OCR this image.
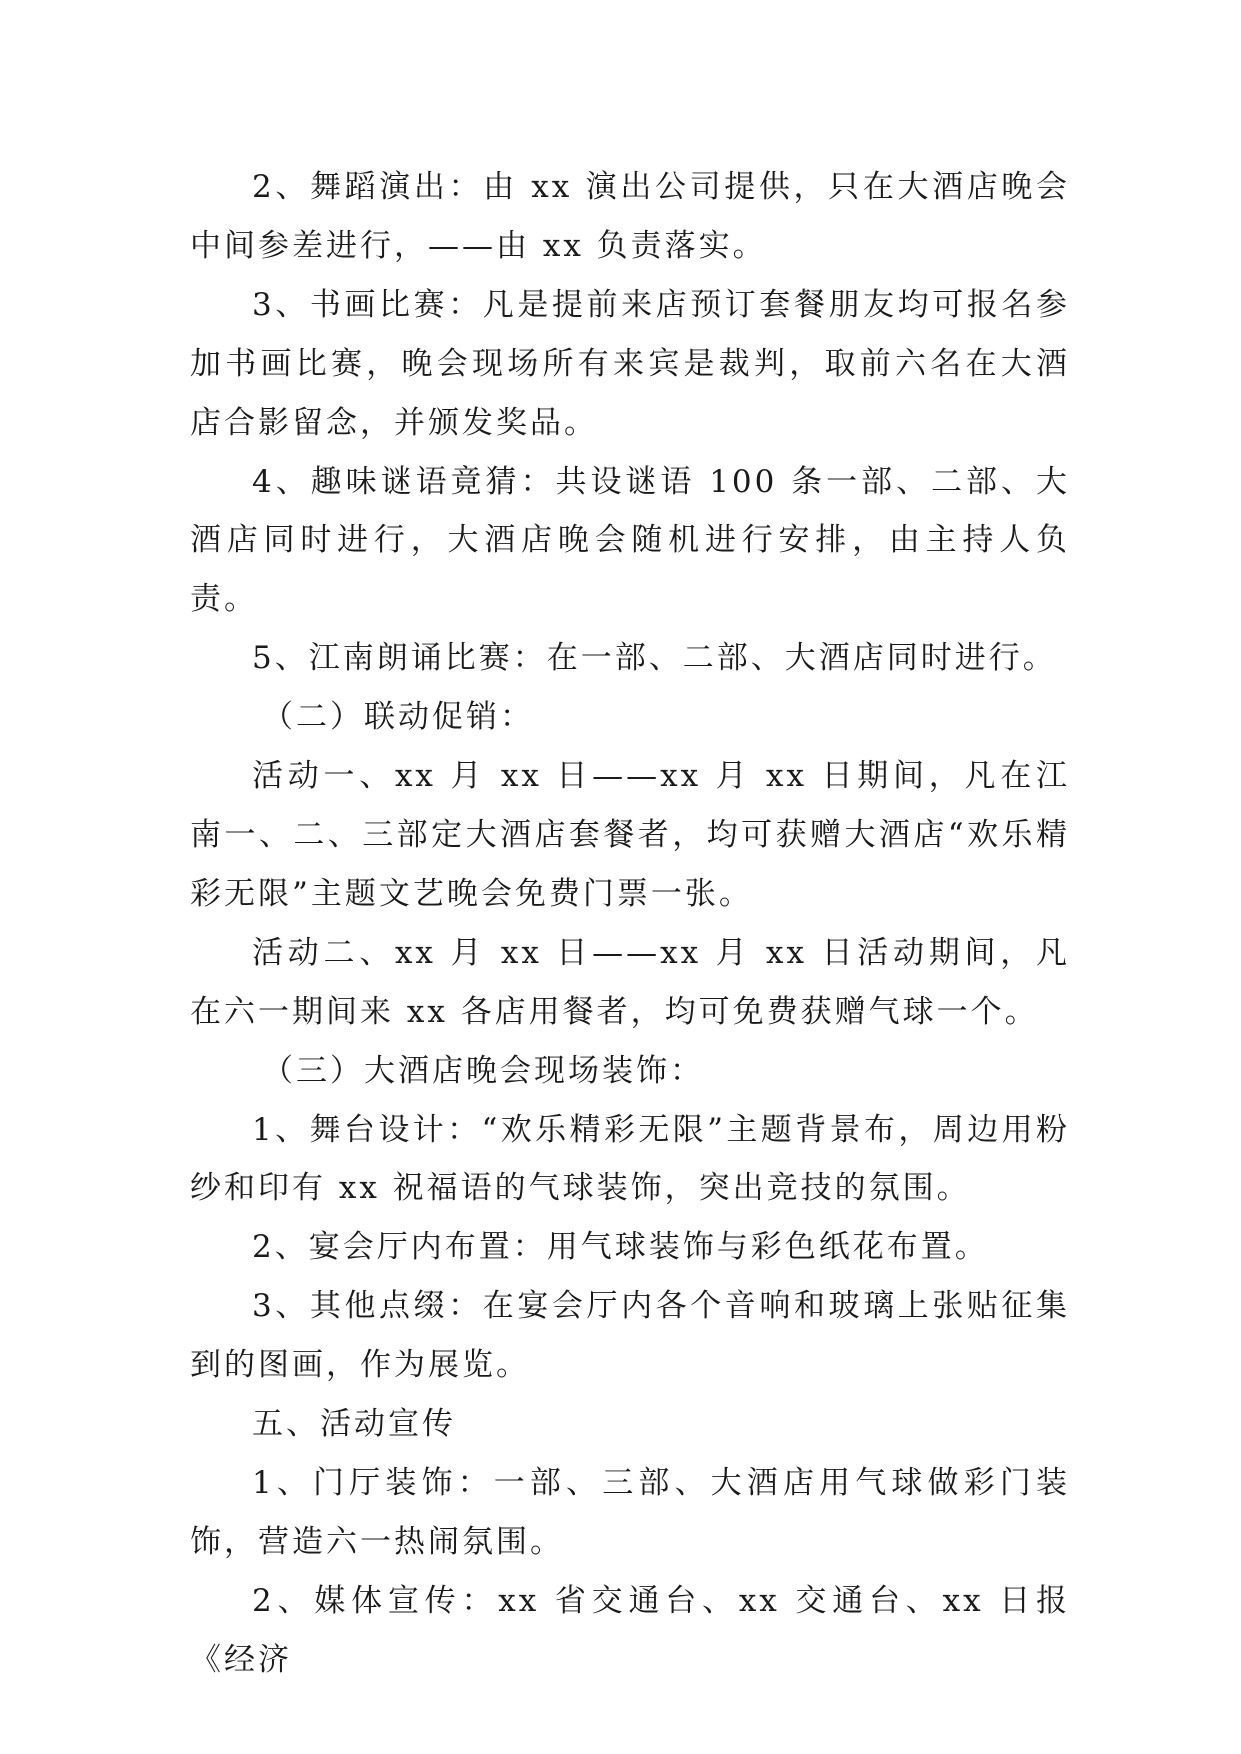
2、舞蹈演出：由 xx 演出公司提供，只在大酒店晚会中间参差进行，——由 xx 负责落实。

3、书画比赛：凡是提前来店预订套餐朋友均可报名参加书画比赛，晚会现场所有来宾是裁判，取前六名在大酒店合影留念，并颁发奖品。

4、趣味谜语竟猜：共设谜语 100 条一部、二部、大酒店同时进行，大酒店晚会随机进行安排，由主持人负责。

5、江南朗诵比赛：在一部、二部、大酒店同时进行。

（二）联动促销：

活动一、xx 月 xx 日——xx 月 xx 日期间，凡在江南一、二、三部定大酒店套餐者，均可获赠大酒店“欢乐精彩无限”主题文艺晚会免费门票一张。

活动二、xx 月 xx 日——xx 月 xx 日活动期间，凡在六一期间来 xx 各店用餐者，均可免费获赠气球一个。

（三）大酒店晚会现场装饰：

1、舞台设计：“欢乐精彩无限”主题背景布，周边用粉纱和印有 xx 祝福语的气球装饰，突出竞技的氛围。

2、宴会厅内布置：用气球装饰与彩色纸花布置。

3、其他点缀：在宴会厅内各个音响和玻璃上张贴征集到的图画，作为展览。

五、活动宣传

1、门厅装饰：一部、三部、大酒店用气球做彩门装饰，营造六一热闹氛围。

2、媒体宣传：xx 省交通台、xx 交通台、xx 日报《经济
